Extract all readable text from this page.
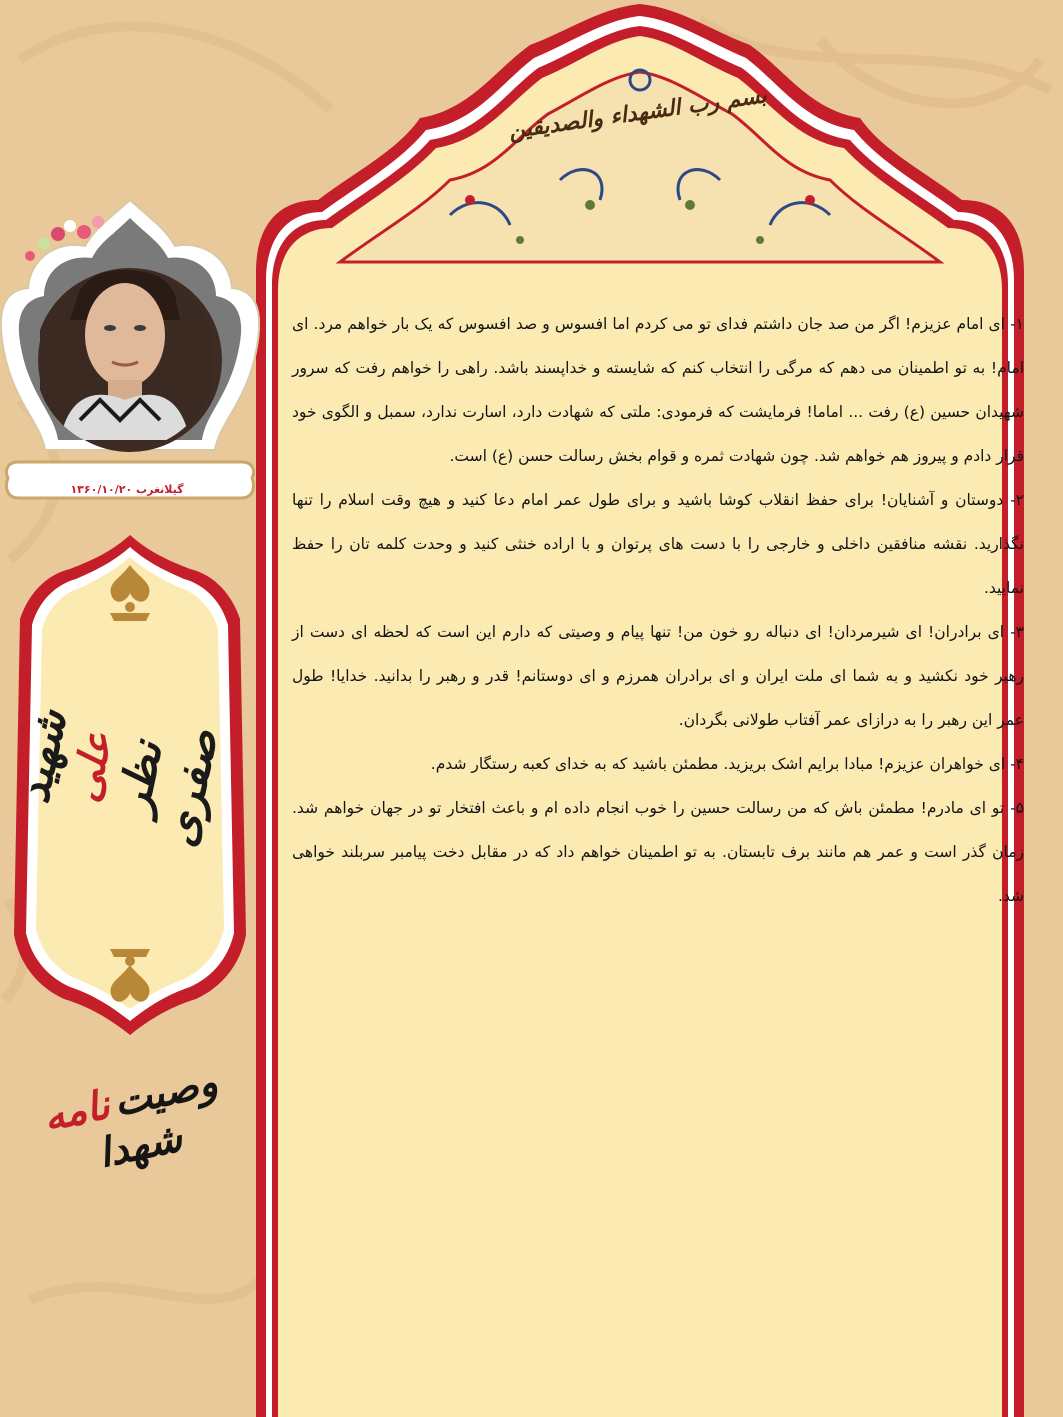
بسم رب الشهداء والصدیقین

۱- ای امام عزیزم! اگر من صد جان داشتم فدای تو می کردم اما افسوس و صد افسوس که یک بار خواهم مرد. ای امام! به تو اطمینان می دهم که مرگی را انتخاب کنم که شایسته و خداپسند باشد. راهی را خواهم رفت که سرور شهیدان حسین (ع) رفت ... اماما! فرمایشت که فرمودی: ملتی که شهادت دارد، اسارت ندارد، سمبل و الگوی خود قرار دادم و پیروز هم خواهم شد. چون شهادت ثمره و قوام بخش رسالت حسن (ع) است.

۲- دوستان و آشنایان! برای حفظ انقلاب کوشا باشید و برای طول عمر امام دعا کنید و هیچ وقت اسلام را تنها نگذارید. نقشه منافقین داخلی و خارجی را با دست های پرتوان و با اراده خنثی کنید و وحدت کلمه تان را حفظ نمایید.

۳- ای برادران! ای شیرمردان! ای دنباله رو خون من! تنها پیام و وصیتی که دارم این است که لحظه ای دست از رهبر خود نکشید و به شما ای ملت ایران و ای برادران همرزم و ای دوستانم! قدر و رهبر را بدانید. خدایا! طول عمر این رهبر را به درازای عمر آفتاب طولانی بگردان.

۴- ای خواهران عزیزم! مبادا برایم اشک بریزید. مطمئن باشید که به خدای کعبه رستگار شدم.

۵- تو ای مادرم! مطمئن باش که من رسالت حسین را خوب انجام داده ام و باعث افتخار تو در جهان خواهم شد. زمان گذر است و عمر هم مانند برف تابستان. به تو اطمینان خواهم داد که در مقابل دخت پیامبر سربلند خواهی شد.

گیلانغرب ۱۳۶۰/۱۰/۲۰
شهید
علی
نظر
صفری
وصیت نامه شهدا
